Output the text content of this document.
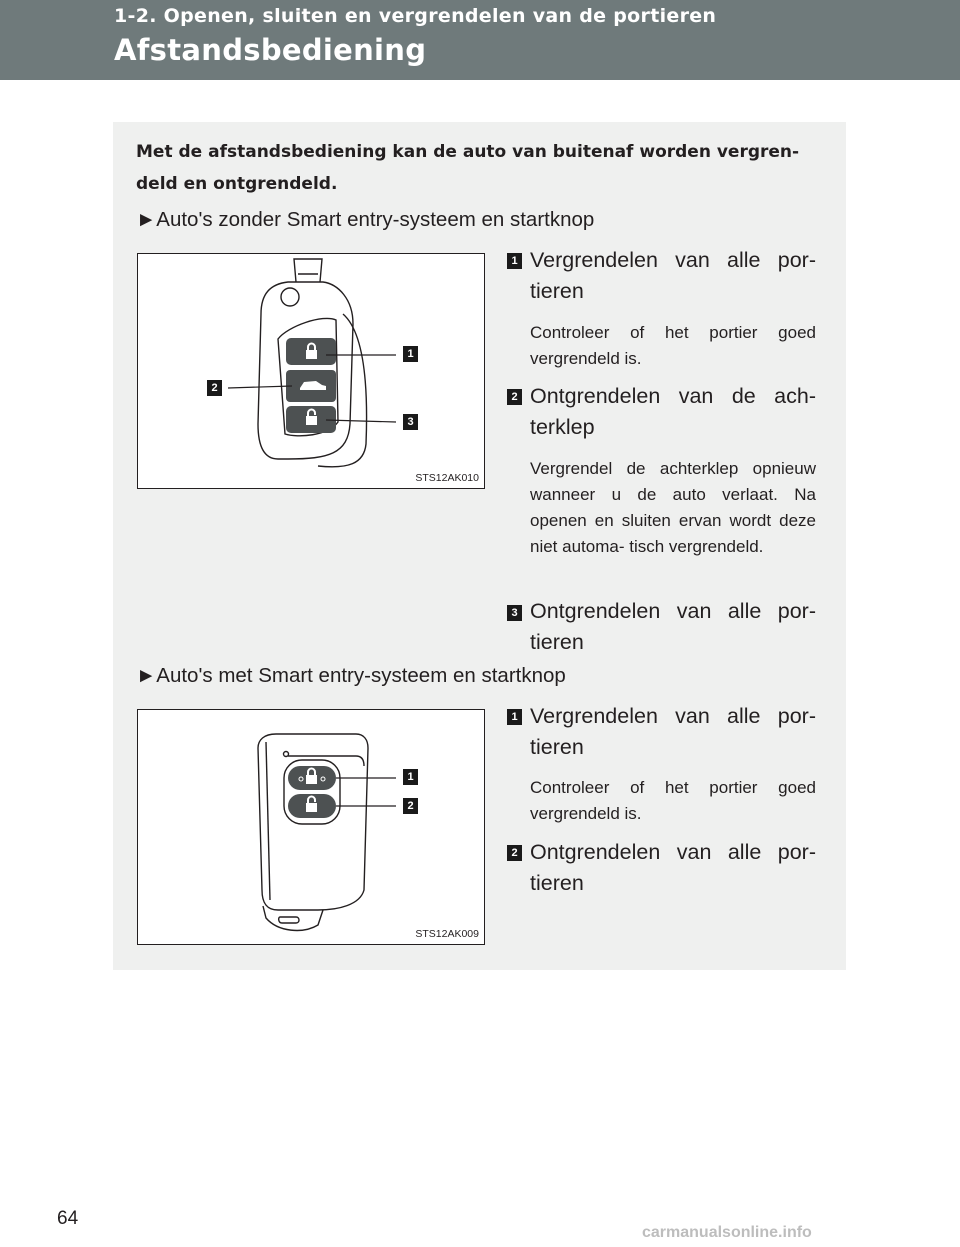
1-2. Openen, sluiten en vergrendelen van de portieren
Afstandsbediening
Met de afstandsbediening kan de auto van buitenaf worden vergren- deld en ontgrendeld.
►Auto's zonder Smart entry-systeem en startknop
1
2
3
STS12AK010
1 Vergrendelen van alle por- tieren
Controleer of het portier goed vergrendeld is.
2 Ontgrendelen van de ach- terklep
Vergrendel de achterklep opnieuw wanneer u de auto verlaat. Na openen en sluiten ervan wordt deze niet automa- tisch vergrendeld.
3 Ontgrendelen van alle por- tieren
►Auto's met Smart entry-systeem en startknop
1
2
STS12AK009
1 Vergrendelen van alle por- tieren
Controleer of het portier goed vergrendeld is.
2 Ontgrendelen van alle por- tieren
64
carmanualsonline.info
